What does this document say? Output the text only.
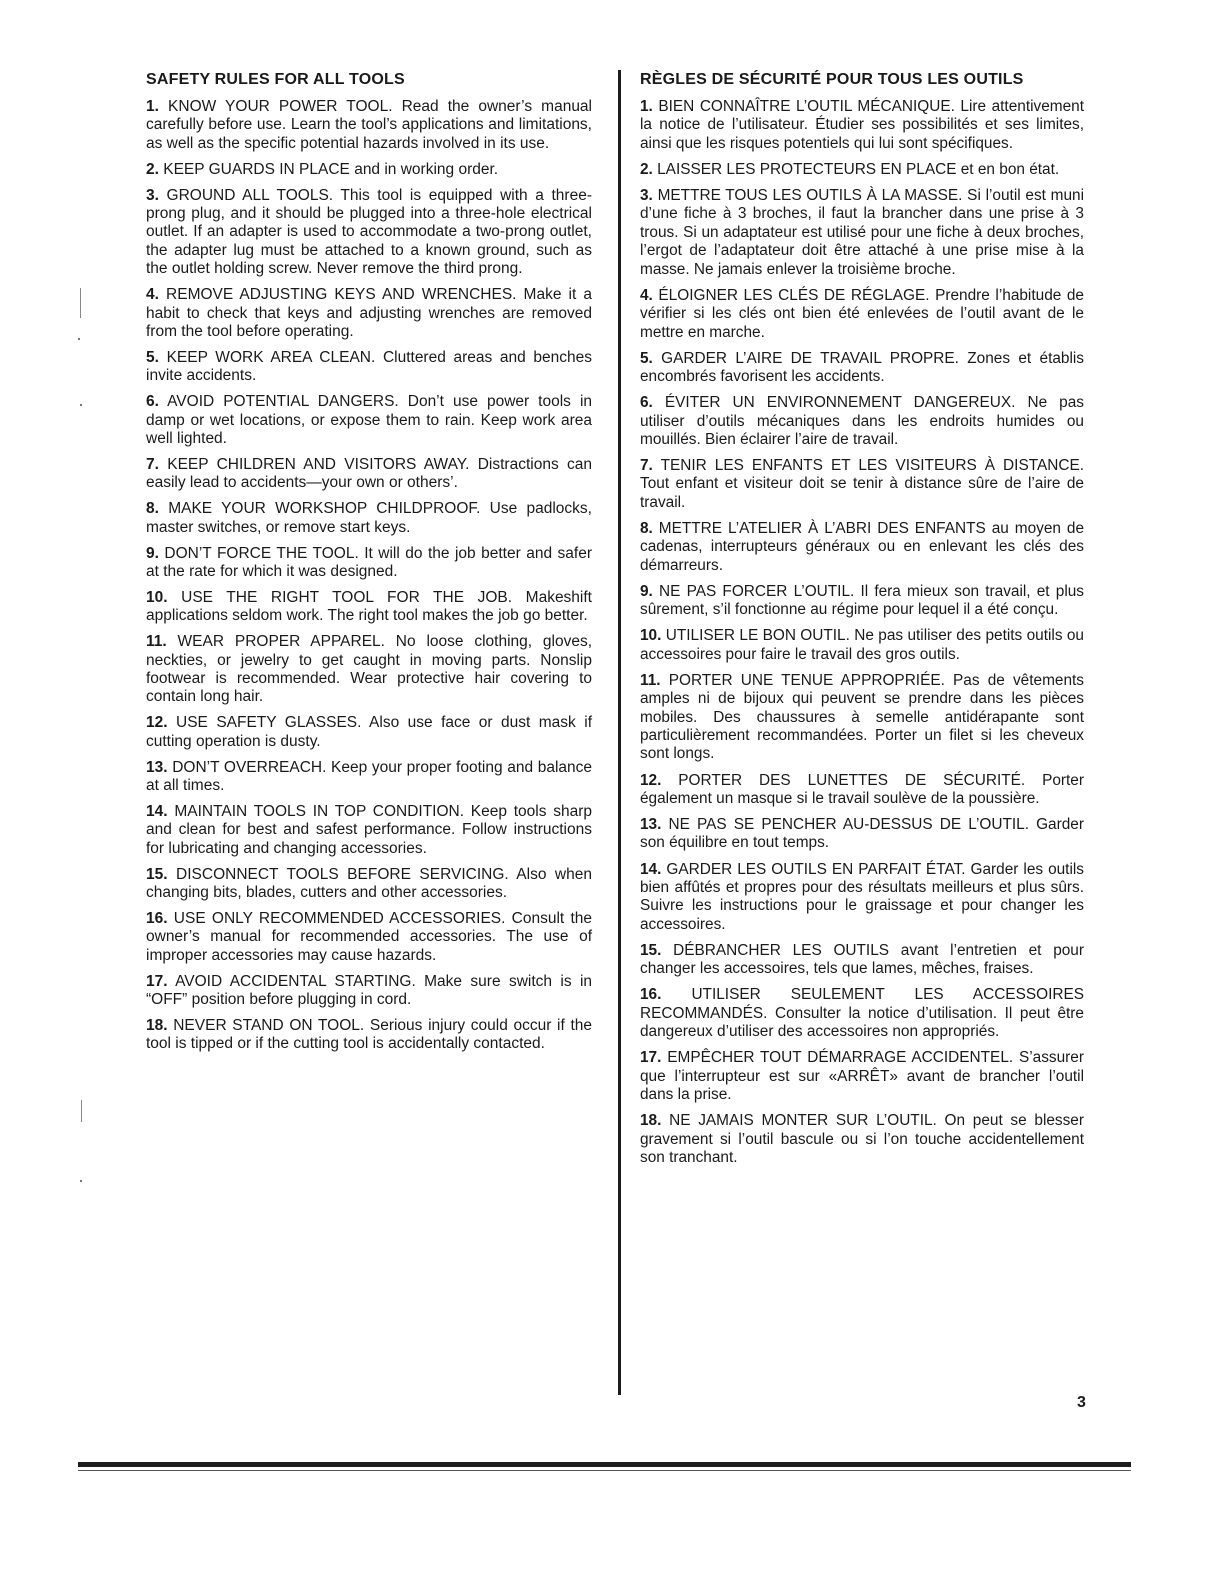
SAFETY RULES FOR ALL TOOLS
1. KNOW YOUR POWER TOOL. Read the owner’s manual carefully before use. Learn the tool’s applications and limitations, as well as the specific potential hazards involved in its use.
2. KEEP GUARDS IN PLACE and in working order.
3. GROUND ALL TOOLS. This tool is equipped with a three-prong plug, and it should be plugged into a three-hole electrical outlet. If an adapter is used to accommodate a two-prong outlet, the adapter lug must be attached to a known ground, such as the outlet holding screw. Never remove the third prong.
4. REMOVE ADJUSTING KEYS AND WRENCHES. Make it a habit to check that keys and adjusting wrenches are removed from the tool before operating.
5. KEEP WORK AREA CLEAN. Cluttered areas and benches invite accidents.
6. AVOID POTENTIAL DANGERS. Don’t use power tools in damp or wet locations, or expose them to rain. Keep work area well lighted.
7. KEEP CHILDREN AND VISITORS AWAY. Distractions can easily lead to accidents—your own or others’.
8. MAKE YOUR WORKSHOP CHILDPROOF. Use padlocks, master switches, or remove start keys.
9. DON’T FORCE THE TOOL. It will do the job better and safer at the rate for which it was designed.
10. USE THE RIGHT TOOL FOR THE JOB. Makeshift applications seldom work. The right tool makes the job go better.
11. WEAR PROPER APPAREL. No loose clothing, gloves, neckties, or jewelry to get caught in moving parts. Nonslip footwear is recommended. Wear protective hair covering to contain long hair.
12. USE SAFETY GLASSES. Also use face or dust mask if cutting operation is dusty.
13. DON’T OVERREACH. Keep your proper footing and balance at all times.
14. MAINTAIN TOOLS IN TOP CONDITION. Keep tools sharp and clean for best and safest performance. Follow instructions for lubricating and changing accessories.
15. DISCONNECT TOOLS BEFORE SERVICING. Also when changing bits, blades, cutters and other accessories.
16. USE ONLY RECOMMENDED ACCESSORIES. Consult the owner’s manual for recommended accessories. The use of improper accessories may cause hazards.
17. AVOID ACCIDENTAL STARTING. Make sure switch is in “OFF” position before plugging in cord.
18. NEVER STAND ON TOOL. Serious injury could occur if the tool is tipped or if the cutting tool is accidentally contacted.
RÈGLES DE SÉCURITÉ POUR TOUS LES OUTILS
1. BIEN CONNAÎTRE L’OUTIL MÉCANIQUE. Lire attentivement la notice de l’utilisateur. Étudier ses possibilités et ses limites, ainsi que les risques potentiels qui lui sont spécifiques.
2. LAISSER LES PROTECTEURS EN PLACE et en bon état.
3. METTRE TOUS LES OUTILS À LA MASSE. Si l’outil est muni d’une fiche à 3 broches, il faut la brancher dans une prise à 3 trous. Si un adaptateur est utilisé pour une fiche à deux broches, l’ergot de l’adaptateur doit être attaché à une prise mise à la masse. Ne jamais enlever la troisième broche.
4. ÉLOIGNER LES CLÉS DE RÉGLAGE. Prendre l’habitude de vérifier si les clés ont bien été enlevées de l’outil avant de le mettre en marche.
5. GARDER L’AIRE DE TRAVAIL PROPRE. Zones et établis encombrés favorisent les accidents.
6. ÉVITER UN ENVIRONNEMENT DANGEREUX. Ne pas utiliser d’outils mécaniques dans les endroits humides ou mouillés. Bien éclairer l’aire de travail.
7. TENIR LES ENFANTS ET LES VISITEURS À DISTANCE. Tout enfant et visiteur doit se tenir à distance sûre de l’aire de travail.
8. METTRE L’ATELIER À L’ABRI DES ENFANTS au moyen de cadenas, interrupteurs généraux ou en enlevant les clés des démarreurs.
9. NE PAS FORCER L’OUTIL. Il fera mieux son travail, et plus sûrement, s’il fonctionne au régime pour lequel il a été conçu.
10. UTILISER LE BON OUTIL. Ne pas utiliser des petits outils ou accessoires pour faire le travail des gros outils.
11. PORTER UNE TENUE APPROPRIÉE. Pas de vêtements amples ni de bijoux qui peuvent se prendre dans les pièces mobiles. Des chaussures à semelle antidérapante sont particulièrement recommandées. Porter un filet si les cheveux sont longs.
12. PORTER DES LUNETTES DE SÉCURITÉ. Porter également un masque si le travail soulève de la poussière.
13. NE PAS SE PENCHER AU-DESSUS DE L’OUTIL. Garder son équilibre en tout temps.
14. GARDER LES OUTILS EN PARFAIT ÉTAT. Garder les outils bien affûtés et propres pour des résultats meilleurs et plus sûrs. Suivre les instructions pour le graissage et pour changer les accessoires.
15. DÉBRANCHER LES OUTILS avant l’entretien et pour changer les accessoires, tels que lames, mêches, fraises.
16. UTILISER SEULEMENT LES ACCESSOIRES RECOMMANDÉS. Consulter la notice d’utilisation. Il peut être dangereux d’utiliser des accessoires non appropriés.
17. EMPÊCHER TOUT DÉMARRAGE ACCIDENTEL. S’assurer que l’interrupteur est sur «ARRÊT» avant de brancher l’outil dans la prise.
18. NE JAMAIS MONTER SUR L’OUTIL. On peut se blesser gravement si l’outil bascule ou si l’on touche accidentellement son tranchant.
3
